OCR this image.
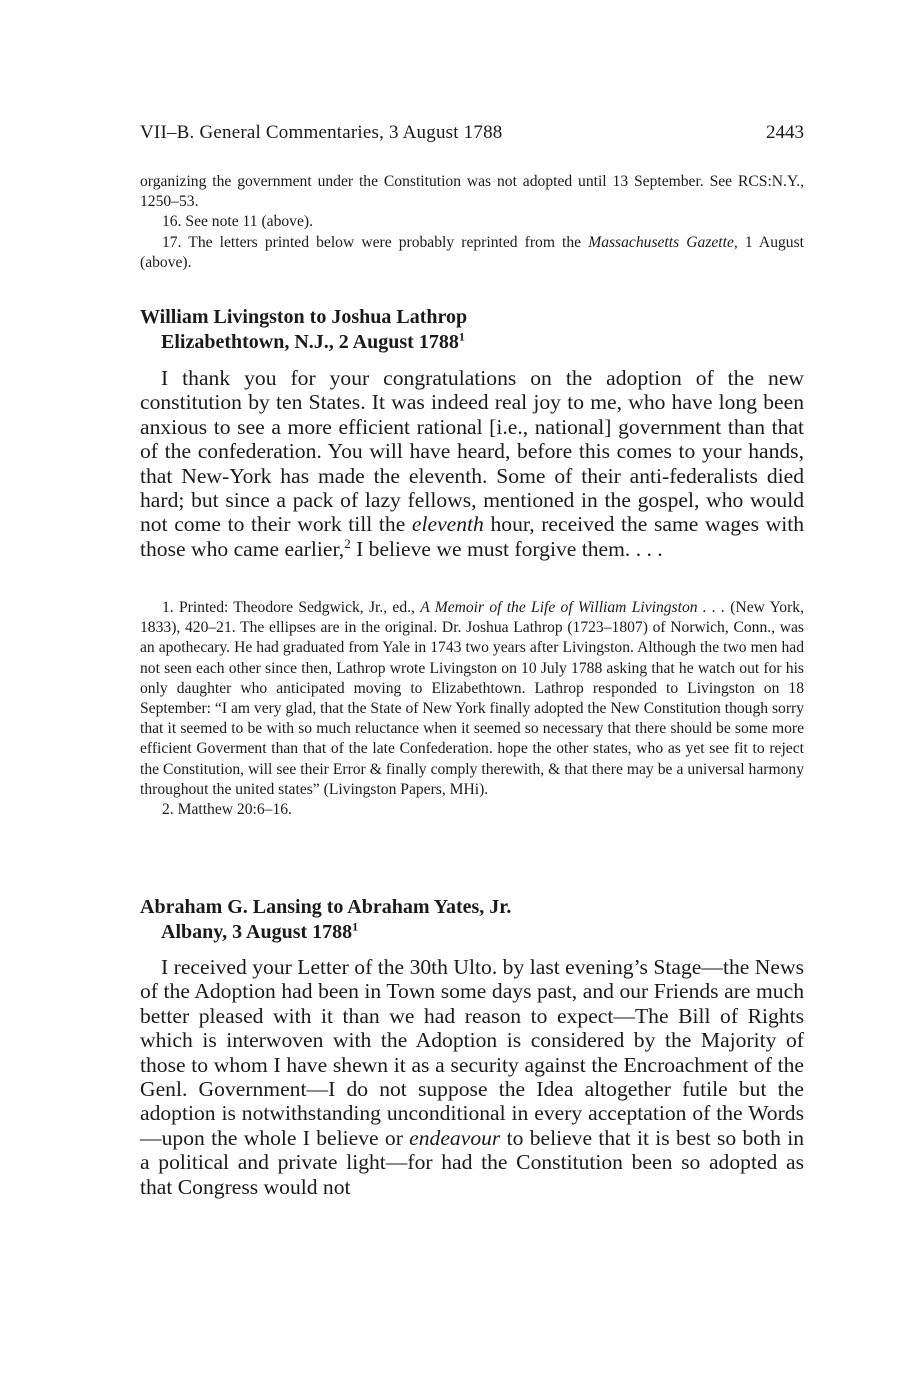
VII–B. General Commentaries, 3 August 1788	2443

organizing the government under the Constitution was not adopted until 13 September. See RCS:N.Y., 1250–53.

16. See note 11 (above).

17. The letters printed below were probably reprinted from the Massachusetts Gazette, 1 August (above).

William Livingston to Joshua Lathrop
Elizabethtown, N.J., 2 August 1788$^1$

I thank you for your congratulations on the adoption of the new constitution by ten States. It was indeed real joy to me, who have long been anxious to see a more efficient rational [i.e., national] government than that of the confederation. You will have heard, before this comes to your hands, that New-York has made the eleventh. Some of their anti-federalists died hard; but since a pack of lazy fellows, mentioned in the gospel, who would not come to their work till the eleventh hour, received the same wages with those who came earlier,$^2$ I believe we must forgive them. . . .

1. Printed: Theodore Sedgwick, Jr., ed., A Memoir of the Life of William Livingston . . . (New York, 1833), 420–21. The ellipses are in the original. Dr. Joshua Lathrop (1723–1807) of Norwich, Conn., was an apothecary. He had graduated from Yale in 1743 two years after Livingston. Although the two men had not seen each other since then, Lathrop wrote Livingston on 10 July 1788 asking that he watch out for his only daughter who anticipated moving to Elizabethtown. Lathrop responded to Livingston on 18 September: “I am very glad, that the State of New York finally adopted the New Constitution though sorry that it seemed to be with so much reluctance when it seemed so necessary that there should be some more efficient Goverment than that of the late Confederation. hope the other states, who as yet see fit to reject the Constitution, will see their Error & finally comply therewith, & that there may be a universal harmony throughout the united states” (Livingston Papers, MHi).

2. Matthew 20:6–16.

Abraham G. Lansing to Abraham Yates, Jr.
Albany, 3 August 1788$^1$

I received your Letter of the 30th Ulto. by last evening’s Stage—the News of the Adoption had been in Town some days past, and our Friends are much better pleased with it than we had reason to expect—The Bill of Rights which is interwoven with the Adoption is considered by the Majority of those to whom I have shewn it as a security against the Encroachment of the Genl. Government—I do not suppose the Idea altogether futile but the adoption is notwithstanding unconditional in every acceptation of the Words—upon the whole I believe or endeavour to believe that it is best so both in a political and private light—for had the Constitution been so adopted as that Congress would not
